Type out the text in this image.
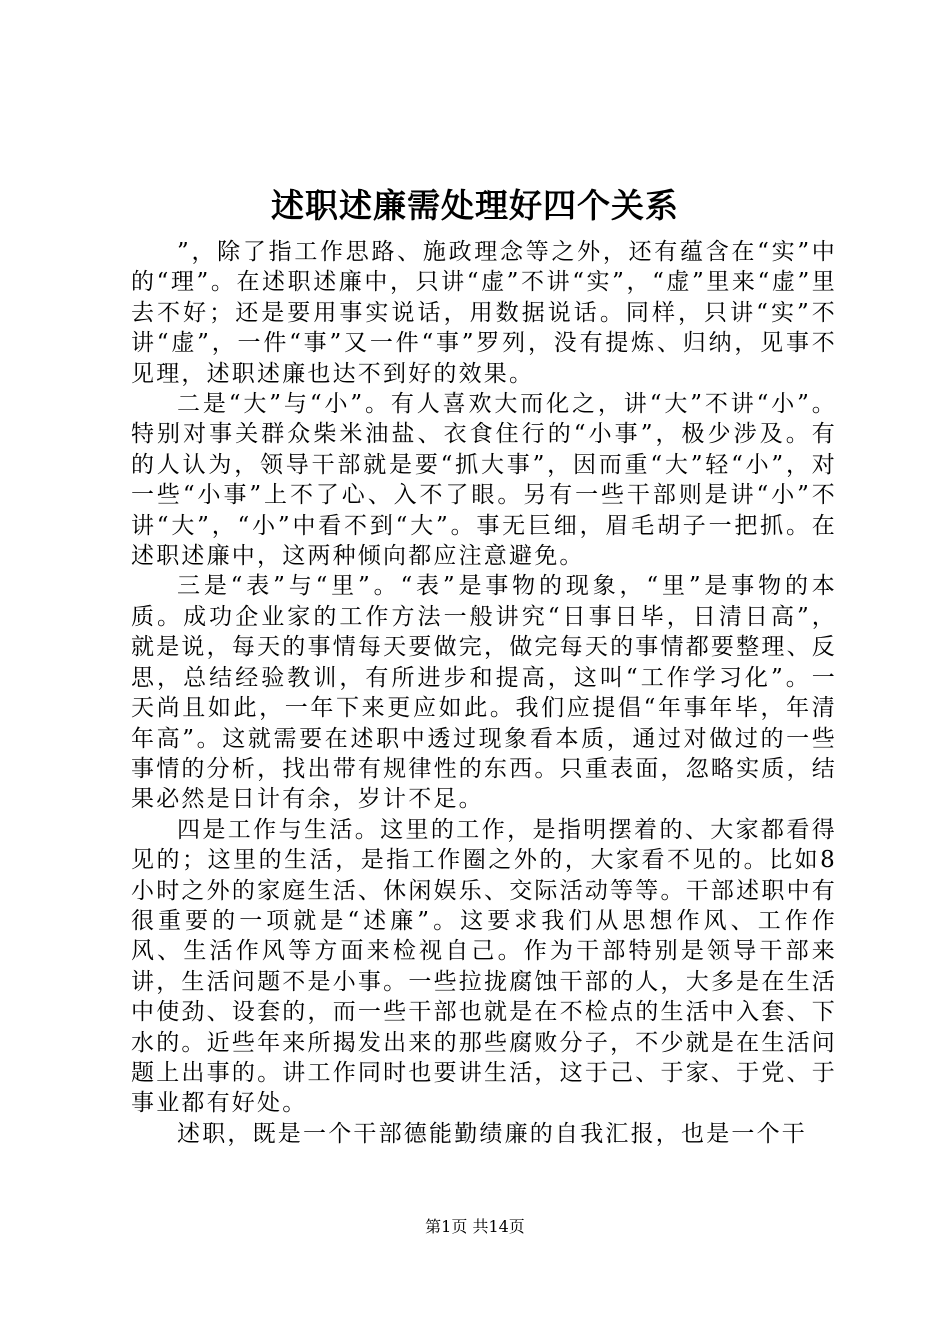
述职述廉需处理好四个关系

”，除了指工作思路、施政理念等之外，还有蕴含在“实”中的“理”。在述职述廉中，只讲“虚”不讲“实”，“虚”里来“虚”里去不好；还是要用事实说话，用数据说话。同样，只讲“实”不讲“虚”，一件“事”又一件“事”罗列，没有提炼、归纳，见事不见理，述职述廉也达不到好的效果。

二是“大”与“小”。有人喜欢大而化之，讲“大”不讲“小”。特别对事关群众柴米油盐、衣食住行的“小事”，极少涉及。有的人认为，领导干部就是要“抓大事”，因而重“大”轻“小”，对一些“小事”上不了心、入不了眼。另有一些干部则是讲“小”不讲“大”，“小”中看不到“大”。事无巨细，眉毛胡子一把抓。在述职述廉中，这两种倾向都应注意避免。

三是“表”与“里”。“表”是事物的现象，“里”是事物的本质。成功企业家的工作方法一般讲究“日事日毕，日清日高”，就是说，每天的事情每天要做完，做完每天的事情都要整理、反思，总结经验教训，有所进步和提高，这叫“工作学习化”。一天尚且如此，一年下来更应如此。我们应提倡“年事年毕，年清年高”。这就需要在述职中透过现象看本质，通过对做过的一些事情的分析，找出带有规律性的东西。只重表面，忽略实质，结果必然是日计有余，岁计不足。

四是工作与生活。这里的工作，是指明摆着的、大家都看得见的；这里的生活，是指工作圈之外的，大家看不见的。比如8小时之外的家庭生活、休闲娱乐、交际活动等等。干部述职中有很重要的一项就是“述廉”。这要求我们从思想作风、工作作风、生活作风等方面来检视自己。作为干部特别是领导干部来讲，生活问题不是小事。一些拉拢腐蚀干部的人，大多是在生活中使劲、设套的，而一些干部也就是在不检点的生活中入套、下水的。近些年来所揭发出来的那些腐败分子，不少就是在生活问题上出事的。讲工作同时也要讲生活，这于己、于家、于党、于事业都有好处。

述职，既是一个干部德能勤绩廉的自我汇报，也是一个干

第1页 共14页
